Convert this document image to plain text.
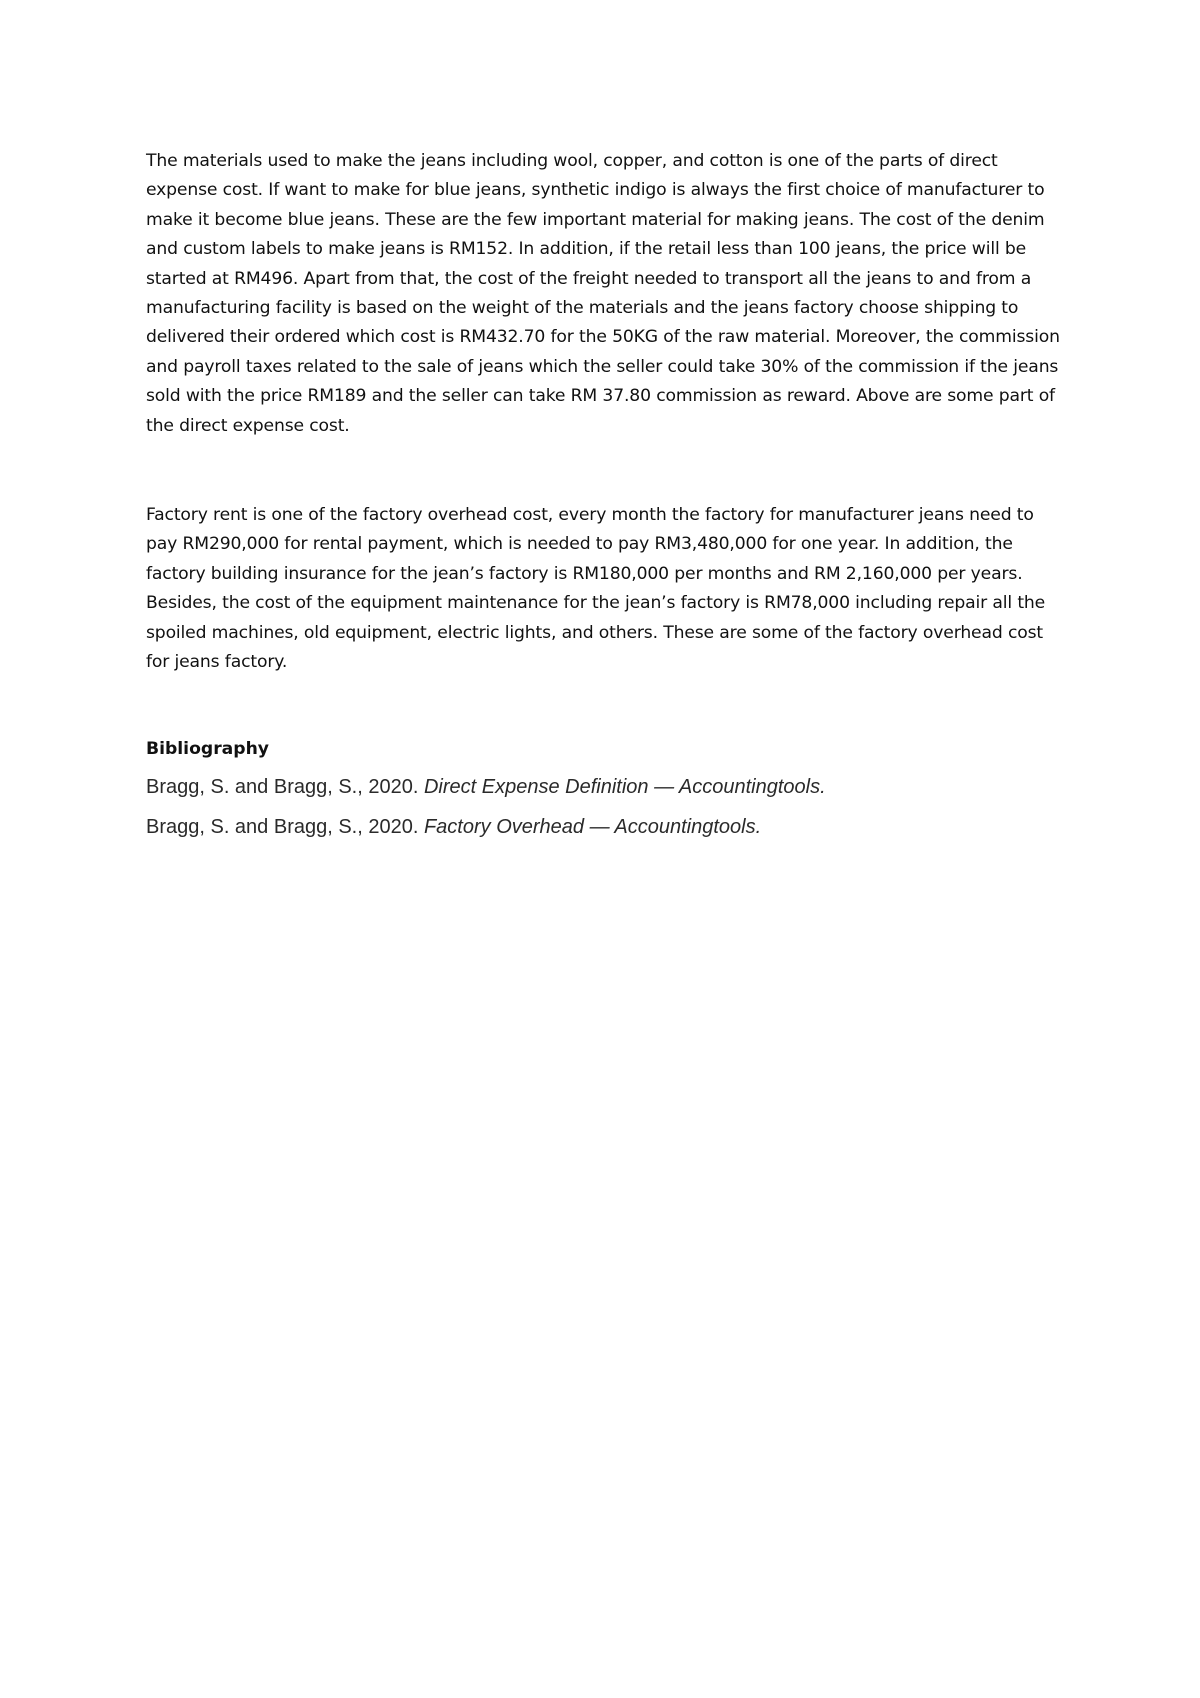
The materials used to make the jeans including wool, copper, and cotton is one of the parts of direct expense cost. If want to make for blue jeans, synthetic indigo is always the first choice of manufacturer to make it become blue jeans. These are the few important material for making jeans. The cost of the denim and custom labels to make jeans is RM152. In addition, if the retail less than 100 jeans, the price will be started at RM496. Apart from that, the cost of the freight needed to transport all the jeans to and from a manufacturing facility is based on the weight of the materials and the jeans factory choose shipping to delivered their ordered which cost is RM432.70 for the 50KG of the raw material. Moreover, the commission and payroll taxes related to the sale of jeans which the seller could take 30% of the commission if the jeans sold with the price RM189 and the seller can take RM 37.80 commission as reward. Above are some part of the direct expense cost.

Factory rent is one of the factory overhead cost, every month the factory for manufacturer jeans need to pay RM290,000 for rental payment, which is needed to pay RM3,480,000 for one year. In addition, the factory building insurance for the jean’s factory is RM180,000 per months and RM 2,160,000 per years. Besides, the cost of the equipment maintenance for the jean’s factory is RM78,000 including repair all the spoiled machines, old equipment, electric lights, and others. These are some of the factory overhead cost for jeans factory.

Bibliography

Bragg, S. and Bragg, S., 2020. Direct Expense Definition — Accountingtools.

Bragg, S. and Bragg, S., 2020. Factory Overhead — Accountingtools.
